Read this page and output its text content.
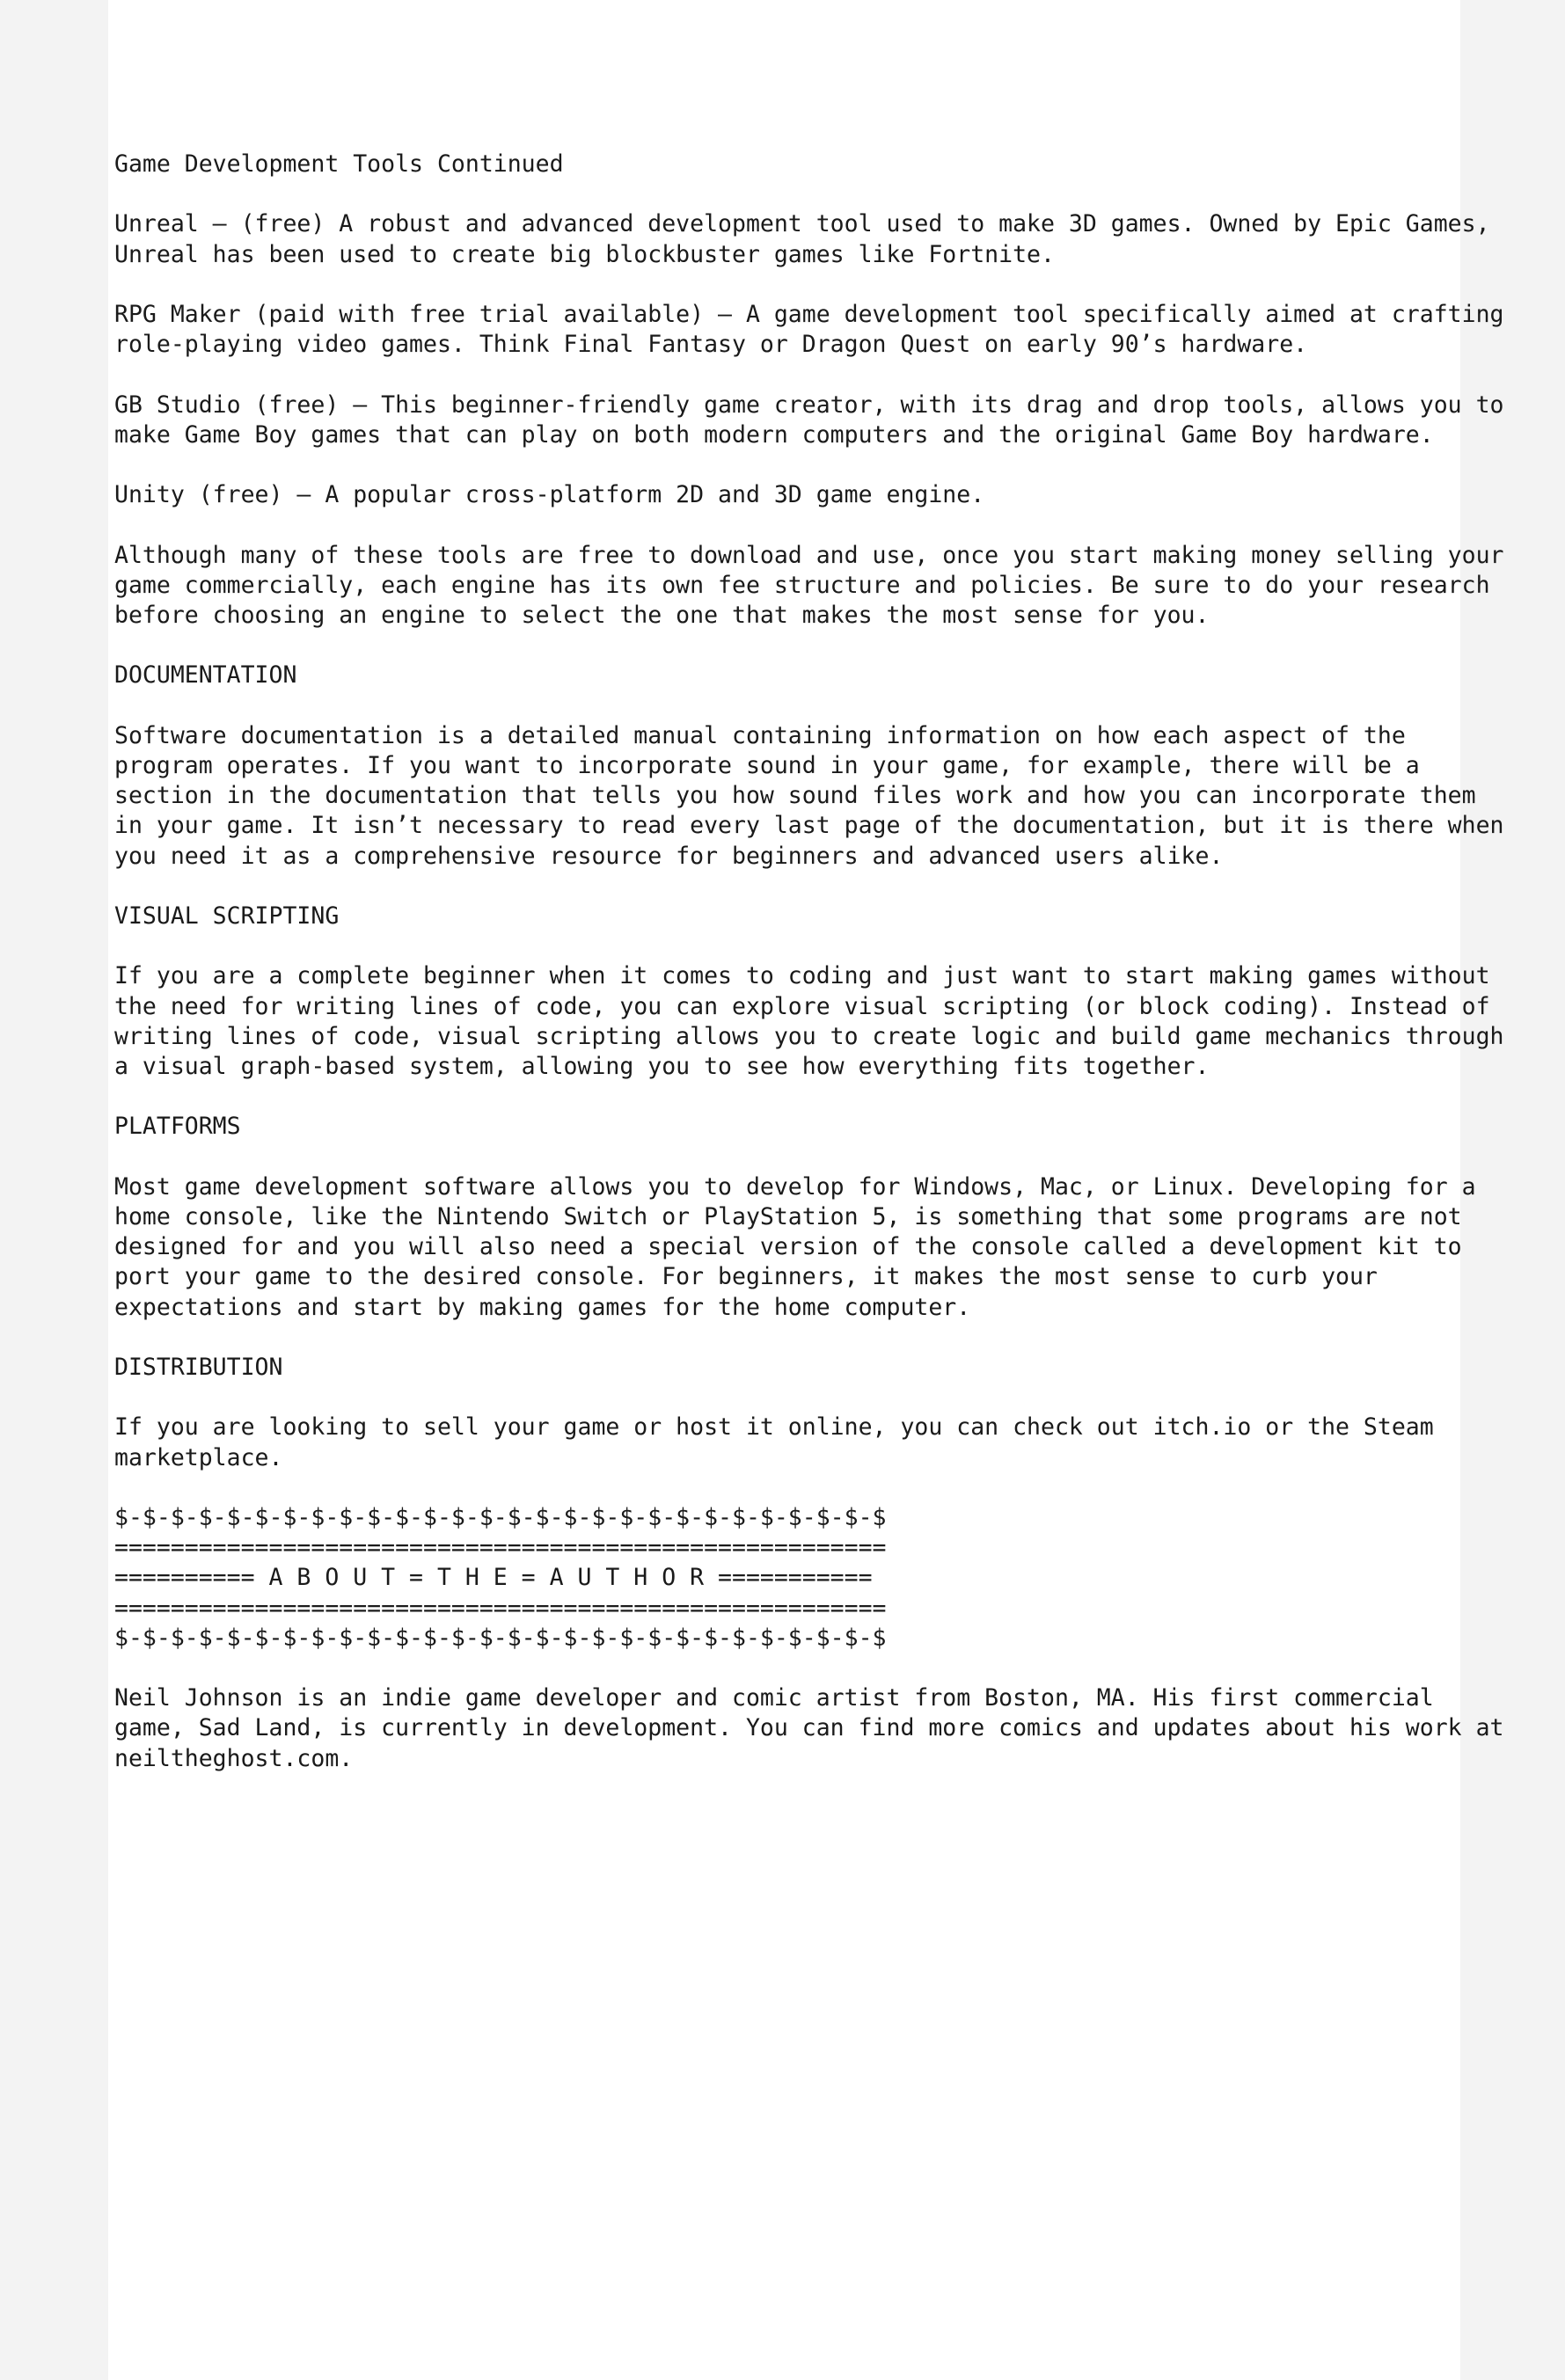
Game Development Tools Continued
Unreal – (free) A robust and advanced development tool used to make 3D games. Owned by Epic Games,
Unreal has been used to create big blockbuster games like Fortnite.
RPG Maker (paid with free trial available) – A game development tool specifically aimed at crafting
role-playing video games. Think Final Fantasy or Dragon Quest on early 90’s hardware.
GB Studio (free) – This beginner-friendly game creator, with its drag and drop tools, allows you to
make Game Boy games that can play on both modern computers and the original Game Boy hardware.
Unity (free) – A popular cross-platform 2D and 3D game engine.
Although many of these tools are free to download and use, once you start making money selling your
game commercially, each engine has its own fee structure and policies. Be sure to do your research
before choosing an engine to select the one that makes the most sense for you.
DOCUMENTATION
Software documentation is a detailed manual containing information on how each aspect of the
program operates. If you want to incorporate sound in your game, for example, there will be a
section in the documentation that tells you how sound files work and how you can incorporate them
in your game. It isn’t necessary to read every last page of the documentation, but it is there when
you need it as a comprehensive resource for beginners and advanced users alike.
VISUAL SCRIPTING
If you are a complete beginner when it comes to coding and just want to start making games without
the need for writing lines of code, you can explore visual scripting (or block coding). Instead of
writing lines of code, visual scripting allows you to create logic and build game mechanics through
a visual graph-based system, allowing you to see how everything fits together.
PLATFORMS
Most game development software allows you to develop for Windows, Mac, or Linux. Developing for a
home console, like the Nintendo Switch or PlayStation 5, is something that some programs are not
designed for and you will also need a special version of the console called a development kit to
port your game to the desired console. For beginners, it makes the most sense to curb your
expectations and start by making games for the home computer.
DISTRIBUTION
If you are looking to sell your game or host it online, you can check out itch.io or the Steam
marketplace.
$-$-$-$-$-$-$-$-$-$-$-$-$-$-$-$-$-$-$-$-$-$-$-$-$-$-$-$
=======================================================
========== A B O U T = T H E = A U T H O R ===========
=======================================================
$-$-$-$-$-$-$-$-$-$-$-$-$-$-$-$-$-$-$-$-$-$-$-$-$-$-$-$
Neil Johnson is an indie game developer and comic artist from Boston, MA. His first commercial
game, Sad Land, is currently in development. You can find more comics and updates about his work at
neiltheghost.com.
